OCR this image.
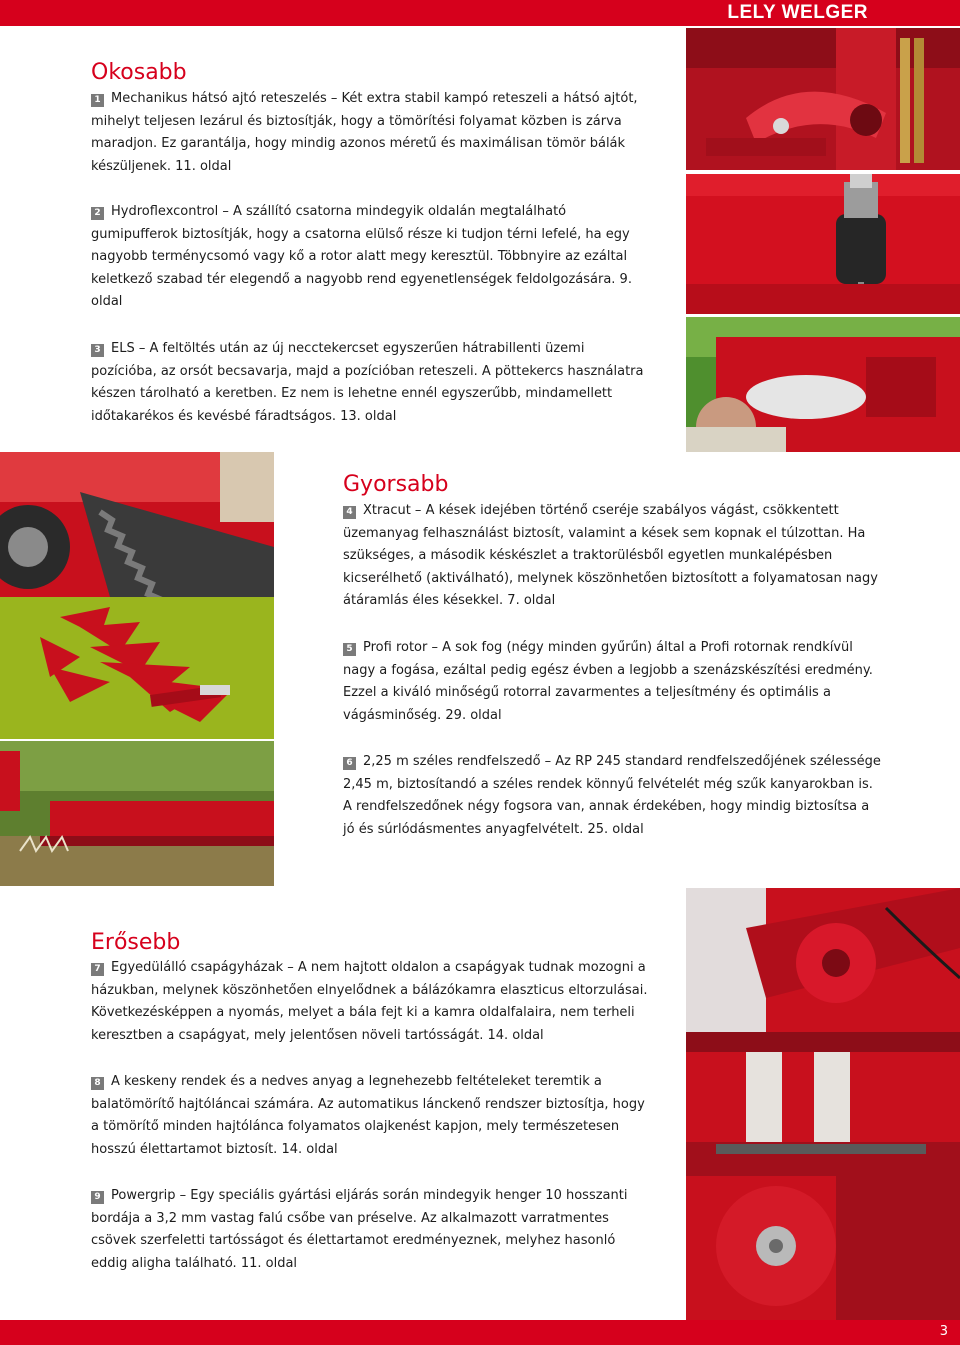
LELY WELGER
Okosabb

1 Mechanikus hátsó ajtó reteszelés – Két extra stabil kampó reteszeli a hátsó ajtót, mihelyt teljesen lezárul és biztosítják, hogy a tömörítési folyamat közben is zárva maradjon. Ez garantálja, hogy mindig azonos méretű és maximálisan tömör bálák készüljenek. 11. oldal

2 Hydroflexcontrol – A szállító csatorna mindegyik oldalán megtalálható gumipufferok biztosítják, hogy a csatorna elülső része ki tudjon térni lefelé, ha egy nagyobb terménycsomó vagy kő a rotor alatt megy keresztül. Többnyire az ezáltal keletkező szabad tér elegendő a nagyobb rend egyenetlenségek feldolgozására. 9. oldal

3 ELS – A feltöltés után az új necctekercset egyszerűen hátrabillenti üzemi pozícióba, az orsót becsavarja, majd a pozícióban reteszeli. A pöttekercs használatra készen tárolható a keretben. Ez nem is lehetne ennél egyszerűbb, mindamellett időtakarékos és kevésbé fáradtságos. 13. oldal

Gyorsabb

4 Xtracut – A kések idejében történő cseréje szabályos vágást, csökkentett üzemanyag felhasználást biztosít, valamint a kések sem kopnak el túlzottan. Ha szükséges, a második késkészlet a traktorülésből egyetlen munkalépésben kicserélhető (aktiválható), melynek köszönhetően biztosított a folyamatosan nagy átáramlás éles késekkel. 7. oldal

5 Profi rotor – A sok fog (négy minden gyűrűn) által a Profi rotornak rendkívül nagy a fogása, ezáltal pedig egész évben a legjobb a szenázskészítési eredmény. Ezzel a kiváló minőségű rotorral zavarmentes a teljesítmény és optimális a vágásminőség. 29. oldal

6 2,25 m széles rendfelszedő – Az RP 245 standard rendfelszedőjének szélessége 2,45 m, biztosítandó a széles rendek könnyű felvételét még szűk kanyarokban is. A rendfelszedőnek négy fogsora van, annak érdekében, hogy mindig biztosítsa a jó és súrlódásmentes anyagfelvételt. 25. oldal

Erősebb

7 Egyedülálló csapágyházak – A nem hajtott oldalon a csapágyak tudnak mozogni a házukban, melynek köszönhetően elnyelődnek a bálázókamra elaszticus eltorzulásai. Következésképpen a nyomás, melyet a bála fejt ki a kamra oldalfalaira, nem terheli keresztben a csapágyat, mely jelentősen növeli tartósságát. 14. oldal

8 A keskeny rendek és a nedves anyag a legnehezebb feltételeket teremtik a balatömörítő hajtóláncai számára. Az automatikus lánckenő rendszer biztosítja, hogy a tömörítő minden hajtólánca folyamatos olajkenést kapjon, mely természetesen hosszú élettartamot biztosít. 14. oldal

9 Powergrip – Egy speciális gyártási eljárás során mindegyik henger 10 hosszanti bordája a 3,2 mm vastag falú csőbe van préselve. Az alkalmazott varratmentes csövek szerfeletti tartósságot és élettartamot eredményeznek, melyhez hasonló eddig aligha található. 11. oldal

3
